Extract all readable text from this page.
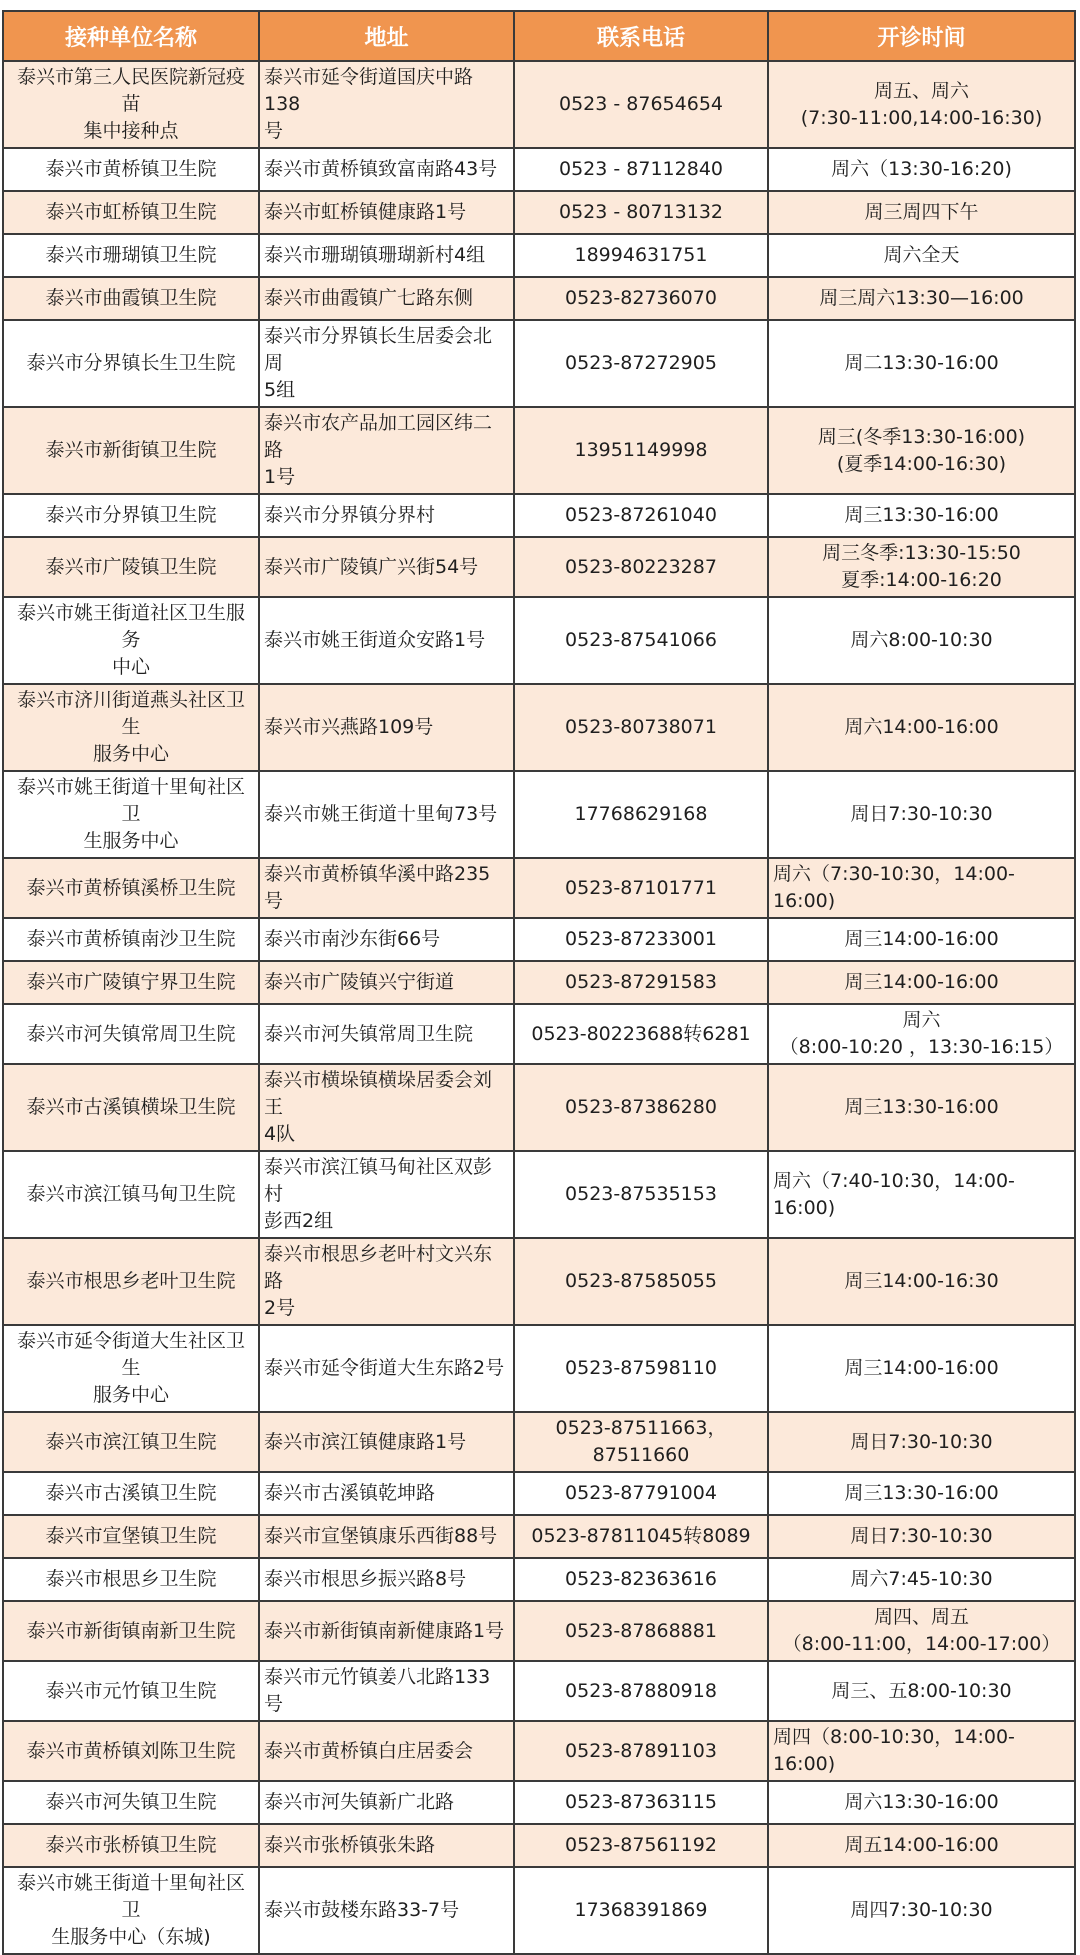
接种单位名称	地址	联系电话	开诊时间

泰兴市第三人民医院新冠疫苗
集中接种点	泰兴市延令街道国庆中路138
号	0523 - 87654654	周五、周六
(7:30-11:00,14:00-16:30)

泰兴市黄桥镇卫生院	泰兴市黄桥镇致富南路43号	0523 - 87112840	周六（13:30-16:20)

泰兴市虹桥镇卫生院	泰兴市虹桥镇健康路1号	0523 - 80713132	周三周四下午

泰兴市珊瑚镇卫生院	泰兴市珊瑚镇珊瑚新村4组	18994631751	周六全天

泰兴市曲霞镇卫生院	泰兴市曲霞镇广七路东侧	0523-82736070	周三周六13:30—16:00

泰兴市分界镇长生卫生院	泰兴市分界镇长生居委会北周
5组	0523-87272905	周二13:30-16:00

泰兴市新街镇卫生院	泰兴市农产品加工园区纬二路
1号	13951149998	周三(冬季13:30-16:00)
(夏季14:00-16:30)

泰兴市分界镇卫生院	泰兴市分界镇分界村	0523-87261040	周三13:30-16:00

泰兴市广陵镇卫生院	泰兴市广陵镇广兴街54号	0523-80223287	周三冬季:13:30-15:50
夏季:14:00-16:20

泰兴市姚王街道社区卫生服务
中心	泰兴市姚王街道众安路1号	0523-87541066	周六8:00-10:30

泰兴市济川街道燕头社区卫生
服务中心	泰兴市兴燕路109号	0523-80738071	周六14:00-16:00

泰兴市姚王街道十里甸社区卫
生服务中心	泰兴市姚王街道十里甸73号	17768629168	周日7:30-10:30

泰兴市黄桥镇溪桥卫生院	泰兴市黄桥镇华溪中路235号	0523-87101771	周六（7:30-10:30，14:00-16:00)

泰兴市黄桥镇南沙卫生院	泰兴市南沙东街66号	0523-87233001	周三14:00-16:00

泰兴市广陵镇宁界卫生院	泰兴市广陵镇兴宁街道	0523-87291583	周三14:00-16:00

泰兴市河失镇常周卫生院	泰兴市河失镇常周卫生院	0523-80223688转6281	周六
（8:00-10:20 ，13:30-16:15）

泰兴市古溪镇横垛卫生院	泰兴市横垛镇横垛居委会刘王
4队	0523-87386280	周三13:30-16:00

泰兴市滨江镇马甸卫生院	泰兴市滨江镇马甸社区双彭村
彭西2组	0523-87535153	周六（7:40-10:30，14:00-16:00)

泰兴市根思乡老叶卫生院	泰兴市根思乡老叶村文兴东路
2号	0523-87585055	周三14:00-16:30

泰兴市延令街道大生社区卫生
服务中心	泰兴市延令街道大生东路2号	0523-87598110	周三14:00-16:00

泰兴市滨江镇卫生院	泰兴市滨江镇健康路1号	0523-87511663，
87511660	周日7:30-10:30

泰兴市古溪镇卫生院	泰兴市古溪镇乾坤路	0523-87791004	周三13:30-16:00

泰兴市宣堡镇卫生院	泰兴市宣堡镇康乐西街88号	0523-87811045转8089	周日7:30-10:30

泰兴市根思乡卫生院	泰兴市根思乡振兴路8号	0523-82363616	周六7:45-10:30

泰兴市新街镇南新卫生院	泰兴市新街镇南新健康路1号	0523-87868881	周四、周五
（8:00-11:00，14:00-17:00）

泰兴市元竹镇卫生院	泰兴市元竹镇姜八北路133号	0523-87880918	周三、五8:00-10:30

泰兴市黄桥镇刘陈卫生院	泰兴市黄桥镇白庄居委会	0523-87891103	周四（8:00-10:30，14:00-16:00)

泰兴市河失镇卫生院	泰兴市河失镇新广北路	0523-87363115	周六13:30-16:00

泰兴市张桥镇卫生院	泰兴市张桥镇张朱路	0523-87561192	周五14:00-16:00

泰兴市姚王街道十里甸社区卫
生服务中心（东城)	泰兴市鼓楼东路33-7号	17368391869	周四7:30-10:30
